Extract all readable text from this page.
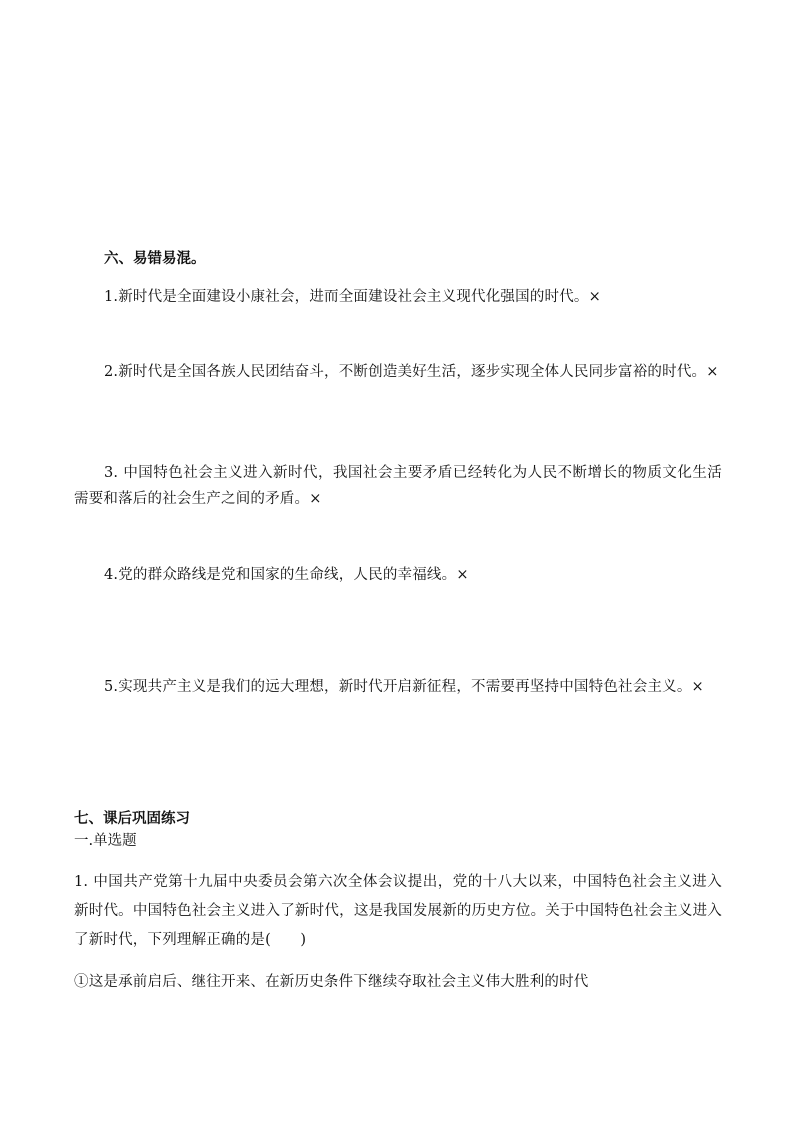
六、易错易混。

1.新时代是全面建设小康社会，进而全面建设社会主义现代化强国的时代。×

2.新时代是全国各族人民团结奋斗，不断创造美好生活，逐步实现全体人民同步富裕的时代。×

3. 中国特色社会主义进入新时代，我国社会主要矛盾已经转化为人民不断增长的物质文化生活需要和落后的社会生产之间的矛盾。×

4.党的群众路线是党和国家的生命线，人民的幸福线。×

5.实现共产主义是我们的远大理想，新时代开启新征程，不需要再坚持中国特色社会主义。×

七、课后巩固练习
一.单选题

1. 中国共产党第十九届中央委员会第六次全体会议提出，党的十八大以来，中国特色社会主义进入新时代。中国特色社会主义进入了新时代，这是我国发展新的历史方位。关于中国特色社会主义进入了新时代，下列理解正确的是(　　)

①这是承前启后、继往开来、在新历史条件下继续夺取社会主义伟大胜利的时代
